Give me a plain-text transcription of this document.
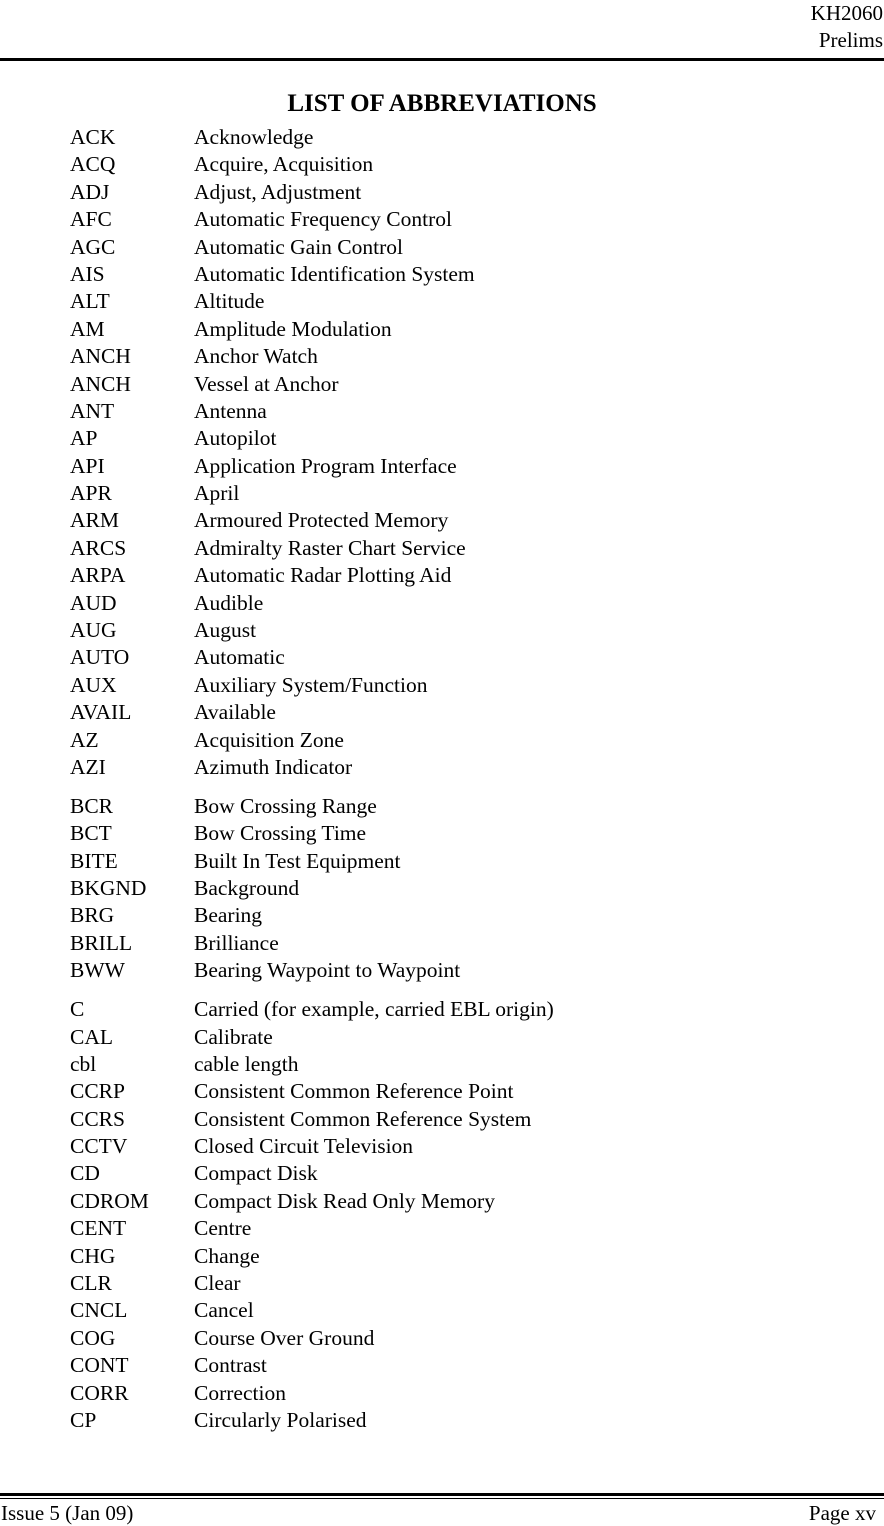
KH2060
Prelims
LIST OF ABBREVIATIONS
ACK	Acknowledge
ACQ	Acquire, Acquisition
ADJ	Adjust, Adjustment
AFC	Automatic Frequency Control
AGC	Automatic Gain Control
AIS	Automatic Identification System
ALT	Altitude
AM	Amplitude Modulation
ANCH	Anchor Watch
ANCH	Vessel at Anchor
ANT	Antenna
AP	Autopilot
API	Application Program Interface
APR	April
ARM	Armoured Protected Memory
ARCS	Admiralty Raster Chart Service
ARPA	Automatic Radar Plotting Aid
AUD	Audible
AUG	August
AUTO	Automatic
AUX	Auxiliary System/Function
AVAIL	Available
AZ	Acquisition Zone
AZI	Azimuth Indicator
BCR	Bow Crossing Range
BCT	Bow Crossing Time
BITE	Built In Test Equipment
BKGND	Background
BRG	Bearing
BRILL	Brilliance
BWW	Bearing Waypoint to Waypoint
C	Carried (for example, carried EBL origin)
CAL	Calibrate
cbl	cable length
CCRP	Consistent Common Reference Point
CCRS	Consistent Common Reference System
CCTV	Closed Circuit Television
CD	Compact Disk
CDROM	Compact Disk Read Only Memory
CENT	Centre
CHG	Change
CLR	Clear
CNCL	Cancel
COG	Course Over Ground
CONT	Contrast
CORR	Correction
CP	Circularly Polarised
Issue 5 (Jan 09)	Page xv
